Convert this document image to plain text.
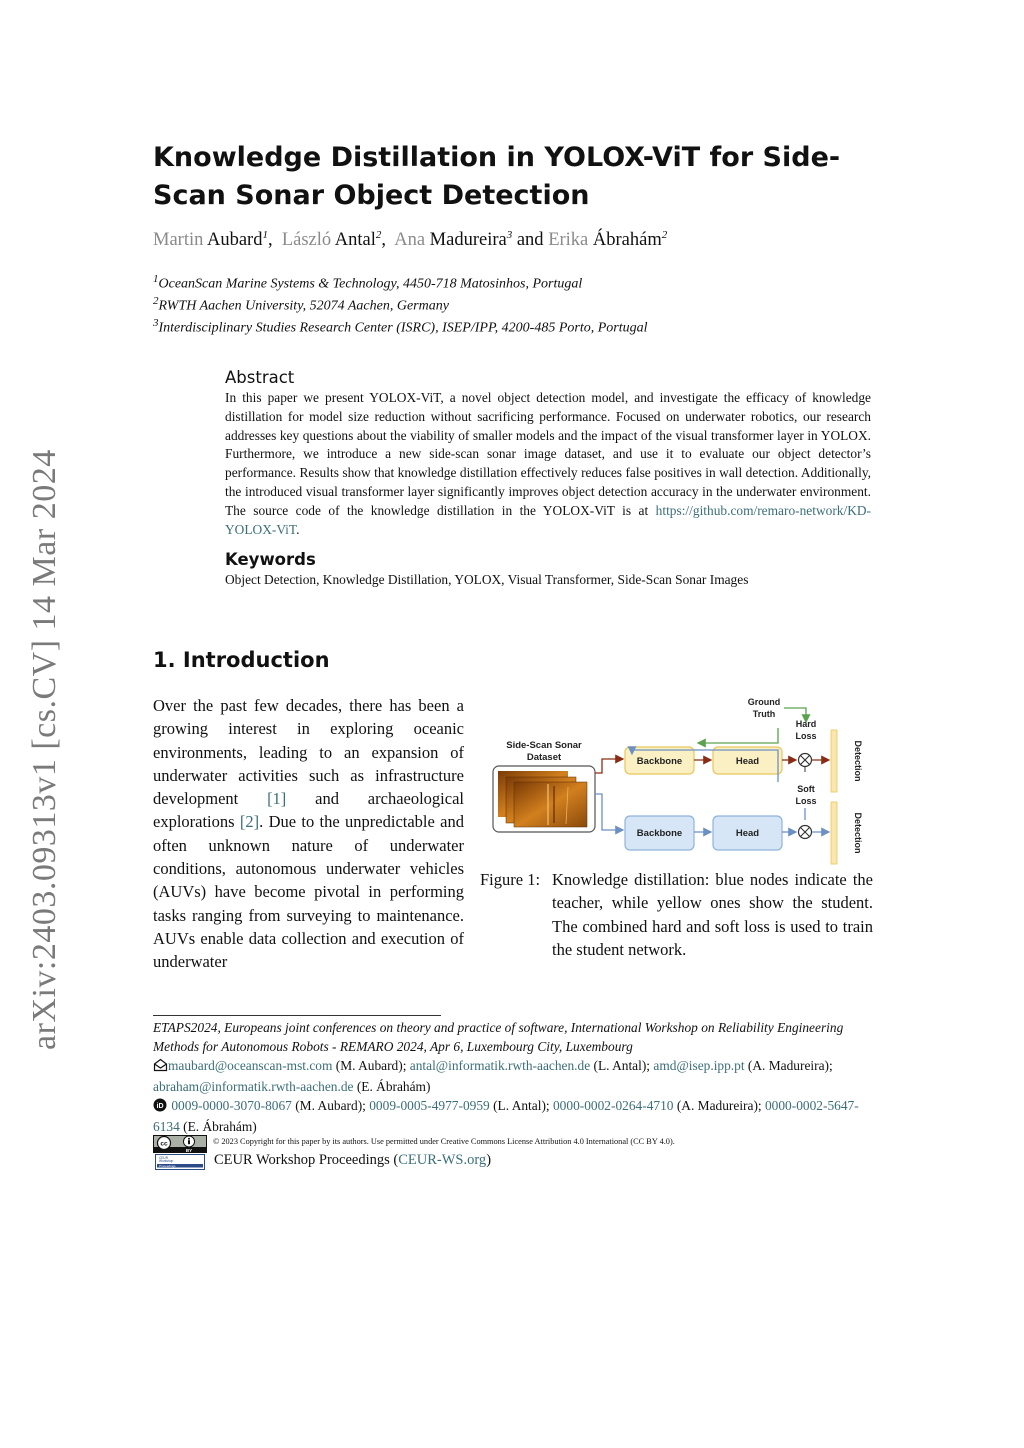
arXiv:2403.09313v1 [cs.CV] 14 Mar 2024
Knowledge Distillation in YOLOX-ViT for Side-Scan Sonar Object Detection
Martin Aubard$^1$, László Antal$^2$, Ana Madureira$^3$ and Erika Ábrahám$^2$
$^1$OceanScan Marine Systems & Technology, 4450-718 Matosinhos, Portugal
$^2$RWTH Aachen University, 52074 Aachen, Germany
$^3$Interdisciplinary Studies Research Center (ISRC), ISEP/IPP, 4200-485 Porto, Portugal
Abstract
In this paper we present YOLOX-ViT, a novel object detection model, and investigate the efficacy of knowledge distillation for model size reduction without sacrificing performance. Focused on underwater robotics, our research addresses key questions about the viability of smaller models and the impact of the visual transformer layer in YOLOX. Furthermore, we introduce a new side-scan sonar image dataset, and use it to evaluate our object detector’s performance. Results show that knowledge distillation effectively reduces false positives in wall detection. Additionally, the introduced visual transformer layer significantly improves object detection accuracy in the underwater environment. The source code of the knowledge distillation in the YOLOX-ViT is at https://github.com/remaro-network/KD-YOLOX-ViT.
Keywords
Object Detection, Knowledge Distillation, YOLOX, Visual Transformer, Side-Scan Sonar Images
1. Introduction
Over the past few decades, there has been a growing interest in exploring oceanic environments, leading to an expansion of underwater activities such as infrastructure development [1] and archaeological explorations [2]. Due to the unpredictable and often unknown nature of underwater conditions, autonomous underwater vehicles (AUVs) have become pivotal in performing tasks ranging from surveying to maintenance. AUVs enable data collection and execution of underwater
Side-Scan Sonar
Dataset	Backbone	Head
Backbone	Head
Ground
Truth
Hard
Loss
Soft
Loss
Detection
Detection
Figure 1: Knowledge distillation: blue nodes indicate the teacher, while yellow ones show the student. The combined hard and soft loss is used to train the student network.
ETAPS2024, Europeans joint conferences on theory and practice of software, International Workshop on Reliability Engineering Methods for Autonomous Robots - REMARO 2024, Apr 6, Luxembourg City, Luxembourg
maubard@oceanscan-mst.com (M. Aubard); antal@informatik.rwth-aachen.de (L. Antal); amd@isep.ipp.pt (A. Madureira); abraham@informatik.rwth-aachen.de (E. Ábrahám)
iD 0009-0000-3070-8067 (M. Aubard); 0009-0005-4977-0959 (L. Antal); 0000-0002-0264-4710 (A. Madureira); 0000-0002-5647-6134 (E. Ábrahám)
cc
BY
© 2023 Copyright for this paper by its authors. Use permitted under Creative Commons License Attribution 4.0 International (CC BY 4.0).
CEUR
Workshop
Proceedings	CEUR Workshop Proceedings (CEUR-WS.org)
